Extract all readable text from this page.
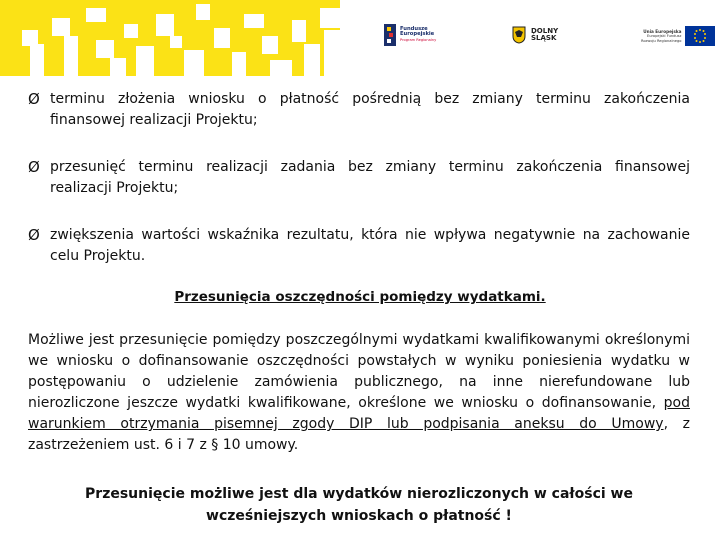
Fundusze
Europejskie
Program Regionalny
DOLNY
ŚLĄSK
Unia Europejska
Europejski Fundusz
Rozwoju Regionalnego
Ø terminu złożenia wniosku o płatność pośrednią bez zmiany terminu zakończenia finansowej realizacji Projektu;
Ø przesunięć terminu realizacji zadania bez zmiany terminu zakończenia finansowej realizacji Projektu;
Ø zwiększenia wartości wskaźnika rezultatu, która nie wpływa negatywnie na zachowanie celu Projektu.
Przesunięcia oszczędności pomiędzy wydatkami.
Możliwe jest przesunięcie pomiędzy poszczególnymi wydatkami kwalifikowanymi określonymi we wniosku o dofinansowanie oszczędności powstałych w wyniku poniesienia wydatku w postępowaniu o udzielenie zamówienia publicznego, na inne nierefundowane lub nierozliczone jeszcze wydatki kwalifikowane, określone we wniosku o dofinansowanie, pod warunkiem otrzymania pisemnej zgody DIP lub podpisania aneksu do Umowy, z zastrzeżeniem ust. 6 i 7 z § 10 umowy.
Przesunięcie możliwe jest dla wydatków nierozliczonych w całości we wcześniejszych wnioskach o płatność !
